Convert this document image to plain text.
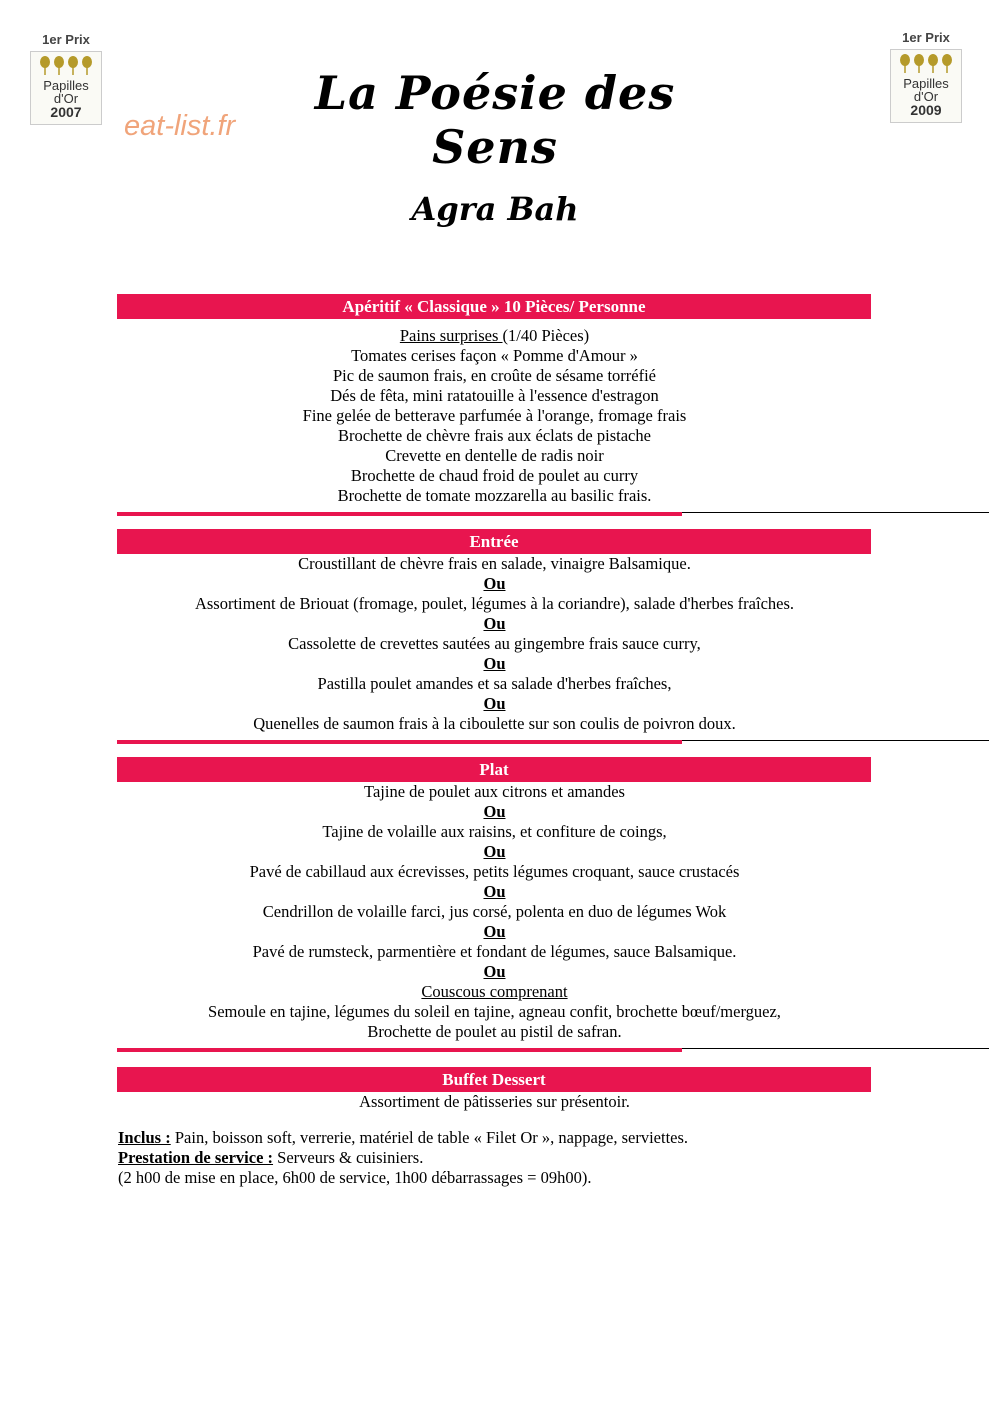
1er Prix
Papilles
d'Or
2007
1er Prix
Papilles
d'Or
2009
eat-list.fr
La Poésie des Sens
Agra Bah
Apéritif « Classique » 10 Pièces/ Personne
Pains surprises (1/40 Pièces)
Tomates cerises façon « Pomme d'Amour »
Pic de saumon frais, en croûte de sésame torréfié
Dés de fêta, mini ratatouille à l'essence d'estragon
Fine gelée de betterave parfumée à l'orange, fromage frais
Brochette de chèvre frais aux éclats de pistache
Crevette en dentelle de radis noir
Brochette de chaud froid de poulet au curry
Brochette de tomate mozzarella au basilic frais.
Entrée
Croustillant de chèvre frais en salade, vinaigre Balsamique.
Ou
Assortiment de Briouat (fromage, poulet, légumes à la coriandre), salade d'herbes fraîches.
Ou
Cassolette de crevettes sautées au gingembre frais sauce curry,
Ou
Pastilla poulet amandes et sa salade d'herbes fraîches,
Ou
Quenelles de saumon frais à la ciboulette sur son coulis de poivron doux.
Plat
Tajine de poulet aux citrons et amandes
Ou
Tajine de volaille aux raisins, et confiture de coings,
Ou
Pavé de cabillaud aux écrevisses, petits légumes croquant, sauce crustacés
Ou
Cendrillon de volaille farci, jus corsé, polenta en duo de légumes Wok
Ou
Pavé de rumsteck, parmentière et fondant de légumes, sauce Balsamique.
Ou
Couscous comprenant
Semoule en tajine, légumes du soleil en tajine, agneau confit, brochette bœuf/merguez,
Brochette de poulet au pistil de safran.
Buffet Dessert
Assortiment de pâtisseries sur présentoir.
Inclus : Pain, boisson soft, verrerie, matériel de table « Filet Or », nappage, serviettes.
Prestation de service : Serveurs & cuisiniers.
(2 h00 de mise en place, 6h00 de service, 1h00 débarrassages = 09h00).
